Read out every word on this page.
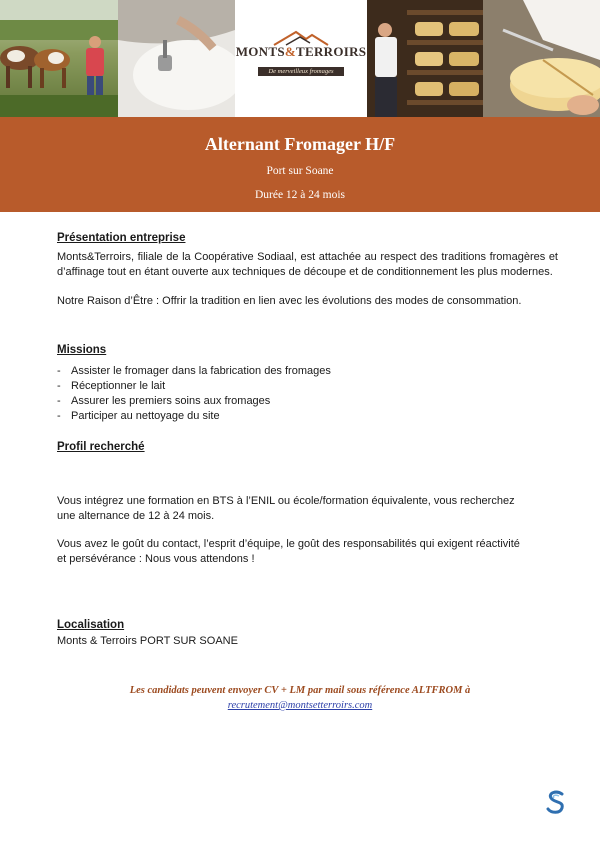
MONTS&TERROIRS
De merveilleux fromages
Alternant Fromager H/F
Port sur Soane
Durée 12 à 24 mois
Présentation entreprise
Monts&Terroirs, filiale de la Coopérative Sodiaal, est attachée au respect des traditions fromagères et d’affinage tout en étant ouverte aux techniques de découpe et de conditionnement les plus modernes.
Notre Raison d’Être : Offrir la tradition en lien avec les évolutions des modes de consommation.
Missions
- Assister le fromager dans la fabrication des fromages
- Réceptionner le lait
- Assurer les premiers soins aux fromages
- Participer au nettoyage du site
Profil recherché
Vous intégrez une formation en BTS à l’ENIL ou école/formation équivalente, vous recherchez
une alternance de 12 à 24 mois.
Vous avez le goût du contact, l’esprit d’équipe, le goût des responsabilités qui exigent réactivité
et persévérance : Nous vous attendons !
Localisation
Monts & Terroirs PORT SUR SOANE
Les candidats peuvent envoyer CV + LM par mail sous référence ALTFROM à
recrutement@montsetterroirs.com
